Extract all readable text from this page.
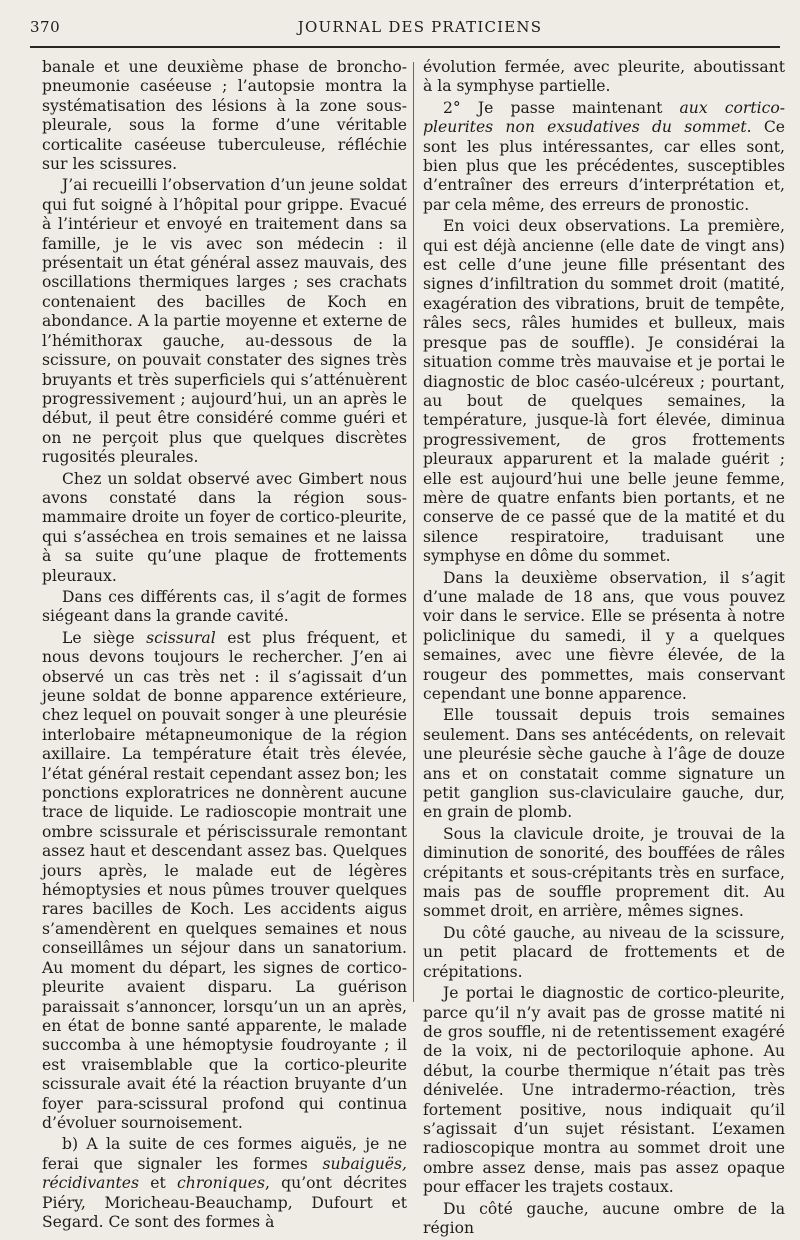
370	JOURNAL DES PRATICIENS

banale et une deuxième phase de broncho-pneumonie caséeuse ; l’autopsie montra la systématisation des lésions à la zone sous-pleurale, sous la forme d’une véritable corticalite caséeuse tuberculeuse, réfléchie sur les scissures.

J’ai recueilli l’observation d’un jeune soldat qui fut soigné à l’hôpital pour grippe. Evacué à l’intérieur et envoyé en traitement dans sa famille, je le vis avec son médecin : il présentait un état général assez mauvais, des oscillations thermiques larges ; ses crachats contenaient des bacilles de Koch en abondance. A la partie moyenne et externe de l’hémithorax gauche, au-dessous de la scissure, on pouvait constater des signes très bruyants et très superficiels qui s’atténuèrent progressivement ; aujourd’hui, un an après le début, il peut être considéré comme guéri et on ne perçoit plus que quelques discrètes rugosités pleurales.

Chez un soldat observé avec Gimbert nous avons constaté dans la région sous-mammaire droite un foyer de cortico-pleurite, qui s’asséchea en trois semaines et ne laissa à sa suite qu’une plaque de frottements pleuraux.

Dans ces différents cas, il s’agit de formes siégeant dans la grande cavité.

Le siège scissural est plus fréquent, et nous devons toujours le rechercher. J’en ai observé un cas très net : il s’agissait d’un jeune soldat de bonne apparence extérieure, chez lequel on pouvait songer à une pleurésie interlobaire métapneumonique de la région axillaire. La température était très élevée, l’état général restait cependant assez bon; les ponctions exploratrices ne donnèrent aucune trace de liquide. Le radioscopie montrait une ombre scissurale et périscissurale remontant assez haut et descendant assez bas. Quelques jours après, le malade eut de légères hémoptysies et nous pûmes trouver quelques rares bacilles de Koch. Les accidents aigus s’amendèrent en quelques semaines et nous conseillâmes un séjour dans un sanatorium. Au moment du départ, les signes de cortico-pleurite avaient disparu. La guérison paraissait s’annoncer, lorsqu’un un an après, en état de bonne santé apparente, le malade succomba à une hémoptysie foudroyante ; il est vraisemblable que la cortico-pleurite scissurale avait été la réaction bruyante d’un foyer para-scissural profond qui continua d’évoluer sournoisement.

b) A la suite de ces formes aiguës, je ne ferai que signaler les formes subaiguës, récidivantes et chroniques, qu’ont décrites Piéry, Moricheau-Beauchamp, Dufourt et Segard. Ce sont des formes à

évolution fermée, avec pleurite, aboutissant à la symphyse partielle.

2° Je passe maintenant aux cortico-pleurites non exsudatives du sommet. Ce sont les plus intéressantes, car elles sont, bien plus que les précédentes, susceptibles d’entraîner des erreurs d’interprétation et, par cela même, des erreurs de pronostic.

En voici deux observations. La première, qui est déjà ancienne (elle date de vingt ans) est celle d’une jeune fille présentant des signes d’infiltration du sommet droit (matité, exagération des vibrations, bruit de tempête, râles secs, râles humides et bulleux, mais presque pas de souffle). Je considérai la situation comme très mauvaise et je portai le diagnostic de bloc caséo-ulcéreux ; pourtant, au bout de quelques semaines, la température, jusque-là fort élevée, diminua progressivement, de gros frottements pleuraux apparurent et la malade guérit ; elle est aujourd’hui une belle jeune femme, mère de quatre enfants bien portants, et ne conserve de ce passé que de la matité et du silence respiratoire, traduisant une symphyse en dôme du sommet.

Dans la deuxième observation, il s’agit d’une malade de 18 ans, que vous pouvez voir dans le service. Elle se présenta à notre policlinique du samedi, il y a quelques semaines, avec une fièvre élevée, de la rougeur des pommettes, mais conservant cependant une bonne apparence.

Elle toussait depuis trois semaines seulement. Dans ses antécédents, on relevait une pleurésie sèche gauche à l’âge de douze ans et on constatait comme signature un petit ganglion sus-claviculaire gauche, dur, en grain de plomb.

Sous la clavicule droite, je trouvai de la diminution de sonorité, des bouffées de râles crépitants et sous-crépitants très en surface, mais pas de souffle proprement dit. Au sommet droit, en arrière, mêmes signes.

Du côté gauche, au niveau de la scissure, un petit placard de frottements et de crépitations.

Je portai le diagnostic de cortico-pleurite, parce qu’il n’y avait pas de grosse matité ni de gros souffle, ni de retentissement exagéré de la voix, ni de pectoriloquie aphone. Au début, la courbe thermique n’était pas très dénivelée. Une intradermo-réaction, très fortement positive, nous indiquait qu’il s’agissait d’un sujet résistant. L’examen radioscopique montra au sommet droit une ombre assez dense, mais pas assez opaque pour effacer les trajets costaux.

Du côté gauche, aucune ombre de la région
